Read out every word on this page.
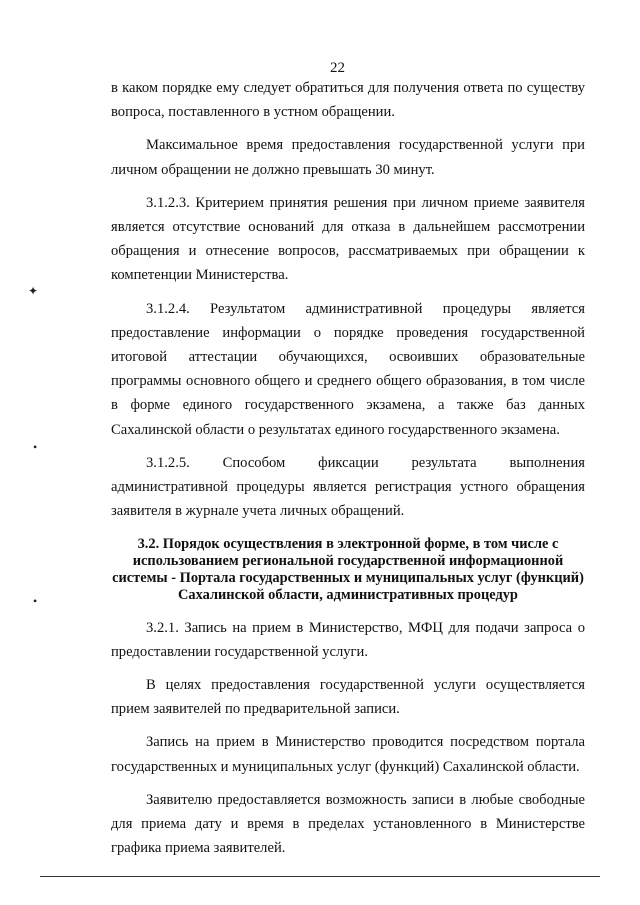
22
✦
•
•

в каком порядке ему следует обратиться для получения ответа по существу вопроса, поставленного в устном обращении.

Максимальное время предоставления государственной услуги при личном обращении не должно превышать 30 минут.

3.1.2.3. Критерием принятия решения при личном приеме заявителя является отсутствие оснований для отказа в дальнейшем рассмотрении обращения и отнесение вопросов, рассматриваемых при обращении к компетенции Министерства.

3.1.2.4. Результатом административной процедуры является предоставление информации о порядке проведения государственной итоговой аттестации обучающихся, освоивших образовательные программы основного общего и среднего общего образования, в том числе в форме единого государственного экзамена, а также баз данных Сахалинской области о результатах единого государственного экзамена.

3.1.2.5. Способом фиксации результата выполнения административной процедуры является регистрация устного обращения заявителя в журнале учета личных обращений.

3.2. Порядок осуществления в электронной форме, в том числе с использованием региональной государственной информационной системы - Портала государственных и муниципальных услуг (функций) Сахалинской области, административных процедур

3.2.1. Запись на прием в Министерство, МФЦ для подачи запроса о предоставлении государственной услуги.

В целях предоставления государственной услуги осуществляется прием заявителей по предварительной записи.

Запись на прием в Министерство проводится посредством портала государственных и муниципальных услуг (функций) Сахалинской области.

Заявителю предоставляется возможность записи в любые свободные для приема дату и время в пределах установленного в Министерстве графика приема заявителей.
